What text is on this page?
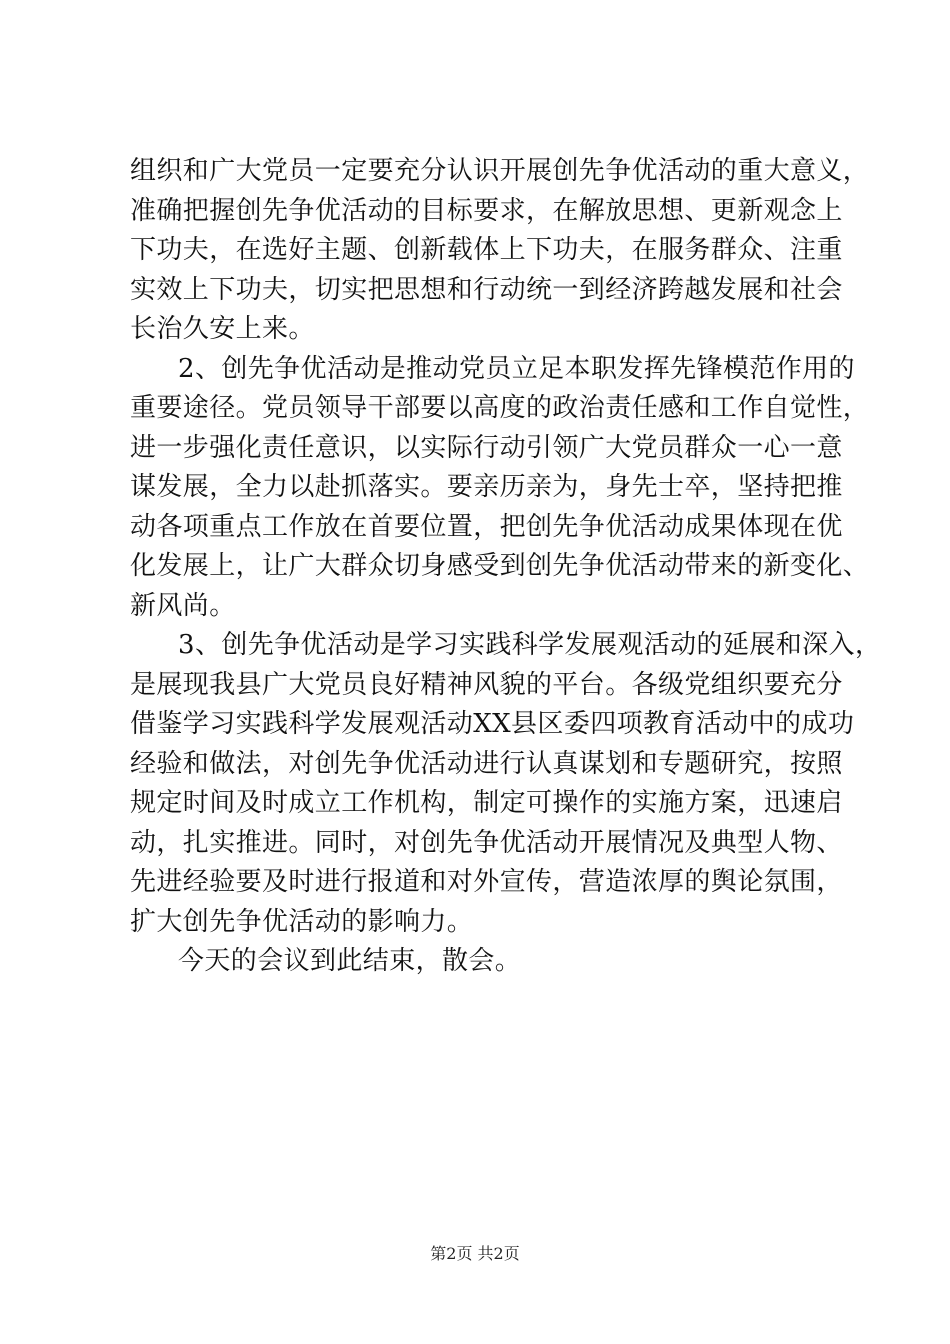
组织和广大党员一定要充分认识开展创先争优活动的重大意义，
准确把握创先争优活动的目标要求，在解放思想、更新观念上
下功夫，在选好主题、创新载体上下功夫，在服务群众、注重
实效上下功夫，切实把思想和行动统一到经济跨越发展和社会
长治久安上来。
2、创先争优活动是推动党员立足本职发挥先锋模范作用的
重要途径。党员领导干部要以高度的政治责任感和工作自觉性，
进一步强化责任意识，以实际行动引领广大党员群众一心一意
谋发展，全力以赴抓落实。要亲历亲为，身先士卒，坚持把推
动各项重点工作放在首要位置，把创先争优活动成果体现在优
化发展上，让广大群众切身感受到创先争优活动带来的新变化、
新风尚。
3、创先争优活动是学习实践科学发展观活动的延展和深入，
是展现我县广大党员良好精神风貌的平台。各级党组织要充分
借鉴学习实践科学发展观活动XX县区委四项教育活动中的成功
经验和做法，对创先争优活动进行认真谋划和专题研究，按照
规定时间及时成立工作机构，制定可操作的实施方案，迅速启
动，扎实推进。同时，对创先争优活动开展情况及典型人物、
先进经验要及时进行报道和对外宣传，营造浓厚的舆论氛围，
扩大创先争优活动的影响力。
今天的会议到此结束，散会。
第2页 共2页
